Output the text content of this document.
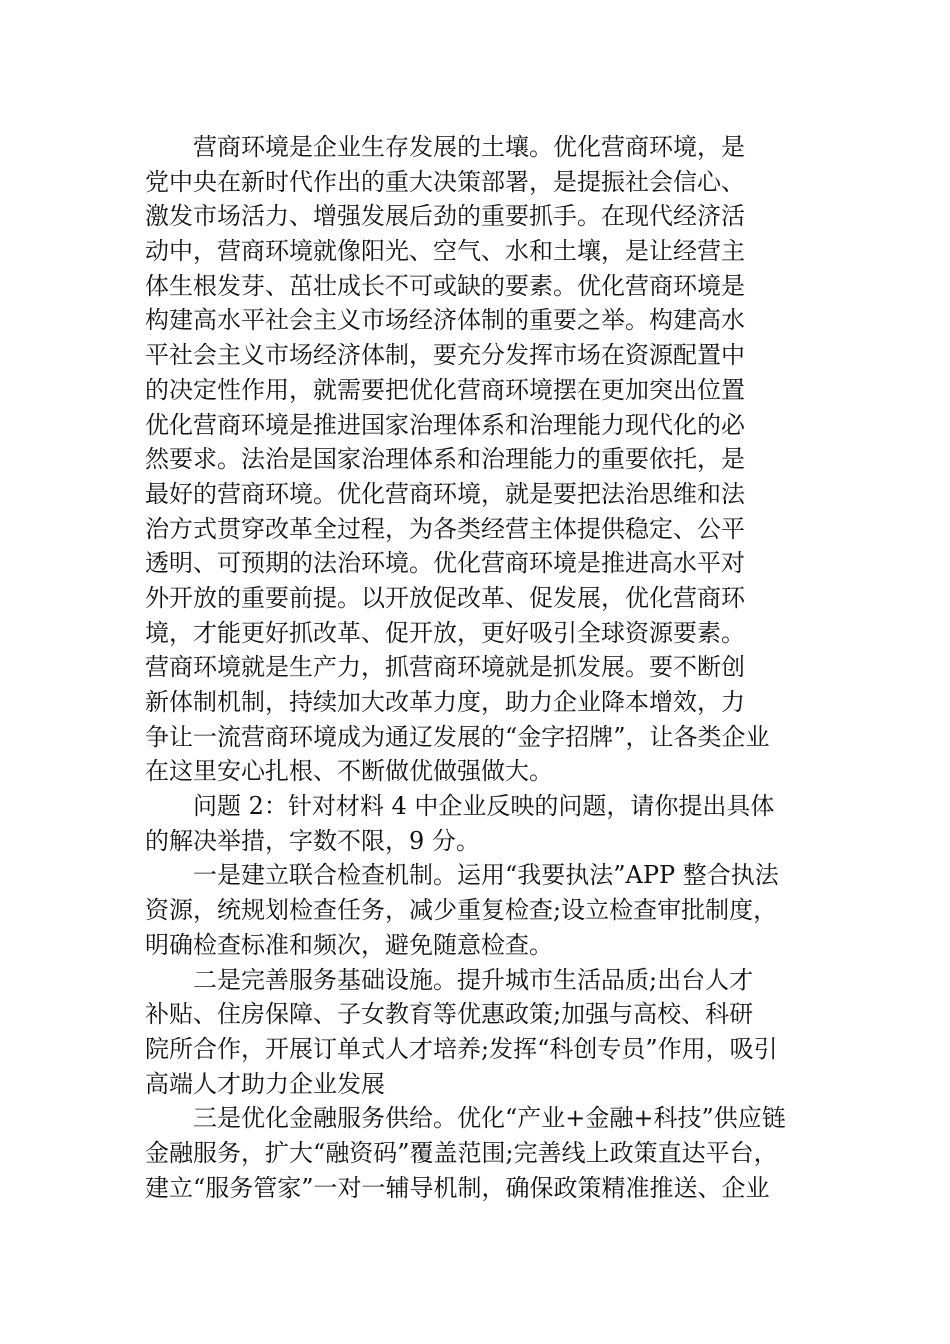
营商环境是企业生存发展的土壤。优化营商环境，是
党中央在新时代作出的重大决策部署，是提振社会信心、
激发市场活力、增强发展后劲的重要抓手。在现代经济活
动中，营商环境就像阳光、空气、水和土壤，是让经营主
体生根发芽、茁壮成长不可或缺的要素。优化营商环境是
构建高水平社会主义市场经济体制的重要之举。构建高水
平社会主义市场经济体制，要充分发挥市场在资源配置中
的决定性作用，就需要把优化营商环境摆在更加突出位置
优化营商环境是推进国家治理体系和治理能力现代化的必
然要求。法治是国家治理体系和治理能力的重要依托，是
最好的营商环境。优化营商环境，就是要把法治思维和法
治方式贯穿改革全过程，为各类经营主体提供稳定、公平
透明、可预期的法治环境。优化营商环境是推进高水平对
外开放的重要前提。以开放促改革、促发展，优化营商环
境，才能更好抓改革、促开放，更好吸引全球资源要素。
营商环境就是生产力，抓营商环境就是抓发展。要不断创
新体制机制，持续加大改革力度，助力企业降本增效，力
争让一流营商环境成为通辽发展的“金字招牌”，让各类企业
在这里安心扎根、不断做优做强做大。

问题 2：针对材料 4 中企业反映的问题，请你提出具体
的解决举措，字数不限，9 分。

一是建立联合检查机制。运用“我要执法”APP 整合执法
资源，统规划检查任务，减少重复检查;设立检查审批制度，
明确检查标准和频次，避免随意检查。

二是完善服务基础设施。提升城市生活品质;出台人才
补贴、住房保障、子女教育等优惠政策;加强与高校、科研
院所合作，开展订单式人才培养;发挥“科创专员”作用，吸引
高端人才助力企业发展

三是优化金融服务供给。优化“产业+金融+科技”供应链
金融服务，扩大“融资码”覆盖范围;完善线上政策直达平台，
建立“服务管家”一对一辅导机制，确保政策精准推送、企业
